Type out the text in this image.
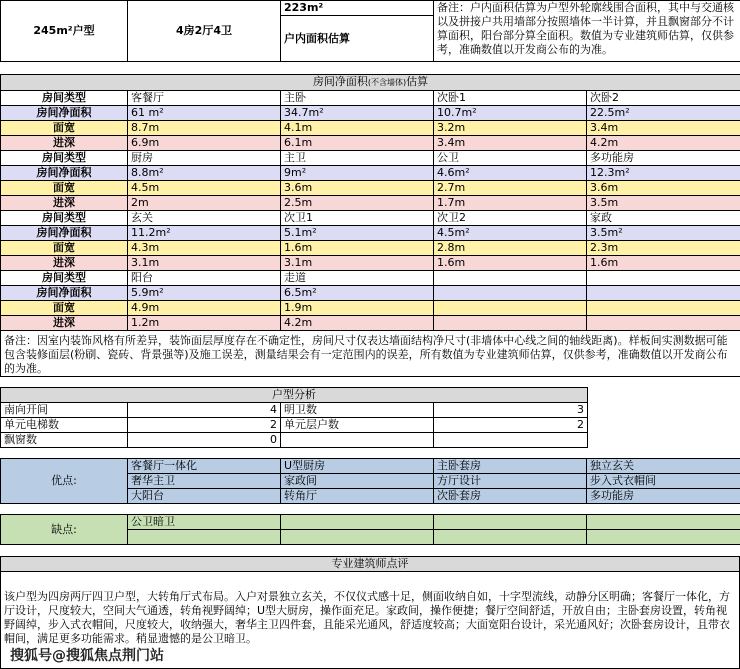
245m²户型	4房2厅4卫	223m²	备注：户内面积估算为户型外轮廓线围合面积，其中与交通核以及拼接户共用墙部分按照墙体一半计算，并且飘窗部分不计算面积，阳台部分算全面积。数值为专业建筑师估算，仅供参考，准确数值以开发商公布的为准。
户内面积估算
房间净面积(不含墙体)估算				
房间类型	客餐厅	主卧	次卧1	次卧2
房间净面积	61 m²	34.7m²	10.7m²	22.5m²
面宽	8.7m	4.1m	3.2m	3.4m
进深	6.9m	6.1m	3.4m	4.2m
房间类型	厨房	主卫	公卫	多功能房
房间净面积	8.8m²	9m²	4.6m²	12.3m²
面宽	4.5m	3.6m	2.7m	3.6m
进深	2m	2.5m	1.7m	3.5m
房间类型	玄关	次卫1	次卫2	家政
房间净面积	11.2m²	5.1m²	4.5m²	3.5m²
面宽	4.3m	1.6m	2.8m	2.3m
进深	3.1m	3.1m	1.6m	1.6m
房间类型	阳台	走道		
房间净面积	5.9m²	6.5m²		
面宽	4.9m	1.9m		
进深	1.2m	4.2m		
备注：因室内装饰风格有所差异，装饰面层厚度存在不确定性，房间尺寸仅表达墙面结构净尺寸(非墙体中心线之间的轴线距离)。样板间实测数据可能包含装修面层(粉刷、瓷砖、背景强等)及施工误差，测量结果会有一定范围内的误差，所有数值为专业建筑师估算，仅供参考，准确数值以开发商公布的为准。				
户型分析			
南向开间	4	明卫数	3
单元电梯数	2	单元层户数	2
飘窗数	0		
优点:	客餐厅一体化	U型厨房	主卧套房	独立玄关
	奢华主卫	家政间	方厅设计	步入式衣帽间
	大阳台	转角厅	次卧套房	多功能房
缺点:	公卫暗卫			

专业建筑师点评
该户型为四房两厅四卫户型，大转角厅式布局。入户对景独立玄关，不仅仪式感十足，侧面收纳自如，十字型流线，动静分区明确；客餐厅一体化，方厅设计，尺度较大，空间大气通透，转角视野阔绰；U型大厨房，操作面充足。家政间，操作便捷；餐厅空间舒适，开放自由；主卧套房设置，转角视野阔绰，步入式衣帽间，尺度较大，收纳强大，奢华主卫四件套，且能采光通风，舒适度较高；大面宽阳台设计，采光通风好；次卧套房设计，且带衣帽间，满足更多功能需求。稍显遗憾的是公卫暗卫。
搜狐号@搜狐焦点荆门站
